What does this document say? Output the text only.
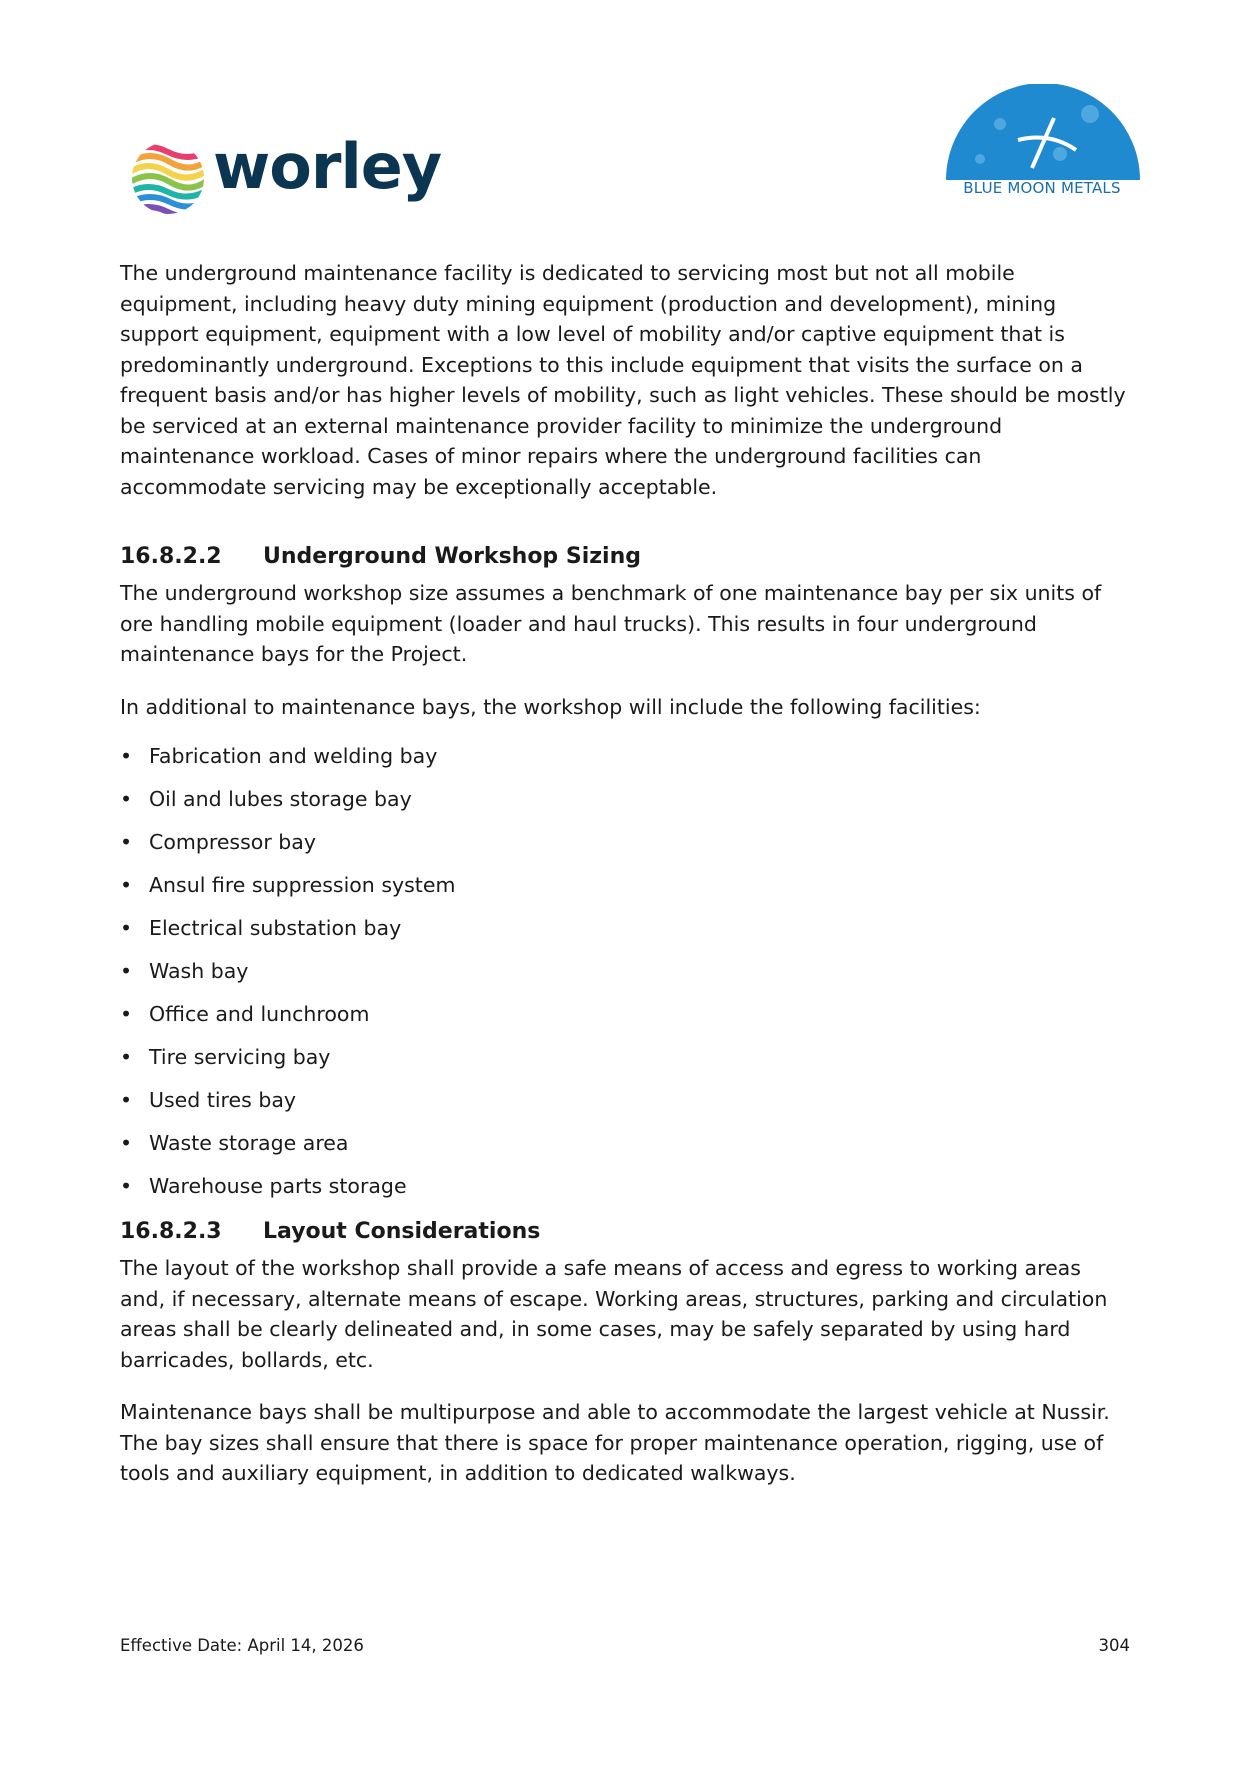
worley	BLUE MOON METALS

The underground maintenance facility is dedicated to servicing most but not all mobile equipment, including heavy duty mining equipment (production and development), mining support equipment, equipment with a low level of mobility and/or captive equipment that is predominantly underground. Exceptions to this include equipment that visits the surface on a frequent basis and/or has higher levels of mobility, such as light vehicles. These should be mostly be serviced at an external maintenance provider facility to minimize the underground maintenance workload. Cases of minor repairs where the underground facilities can accommodate servicing may be exceptionally acceptable.

16.8.2.2 Underground Workshop Sizing

The underground workshop size assumes a benchmark of one maintenance bay per six units of ore handling mobile equipment (loader and haul trucks). This results in four underground maintenance bays for the Project.

In additional to maintenance bays, the workshop will include the following facilities:

• Fabrication and welding bay
• Oil and lubes storage bay
• Compressor bay
• Ansul fire suppression system
• Electrical substation bay
• Wash bay
• Office and lunchroom
• Tire servicing bay
• Used tires bay
• Waste storage area
• Warehouse parts storage
16.8.2.3 Layout Considerations

The layout of the workshop shall provide a safe means of access and egress to working areas and, if necessary, alternate means of escape. Working areas, structures, parking and circulation areas shall be clearly delineated and, in some cases, may be safely separated by using hard barricades, bollards, etc.

Maintenance bays shall be multipurpose and able to accommodate the largest vehicle at Nussir. The bay sizes shall ensure that there is space for proper maintenance operation, rigging, use of tools and auxiliary equipment, in addition to dedicated walkways.

Effective Date: April 14, 2026	304
